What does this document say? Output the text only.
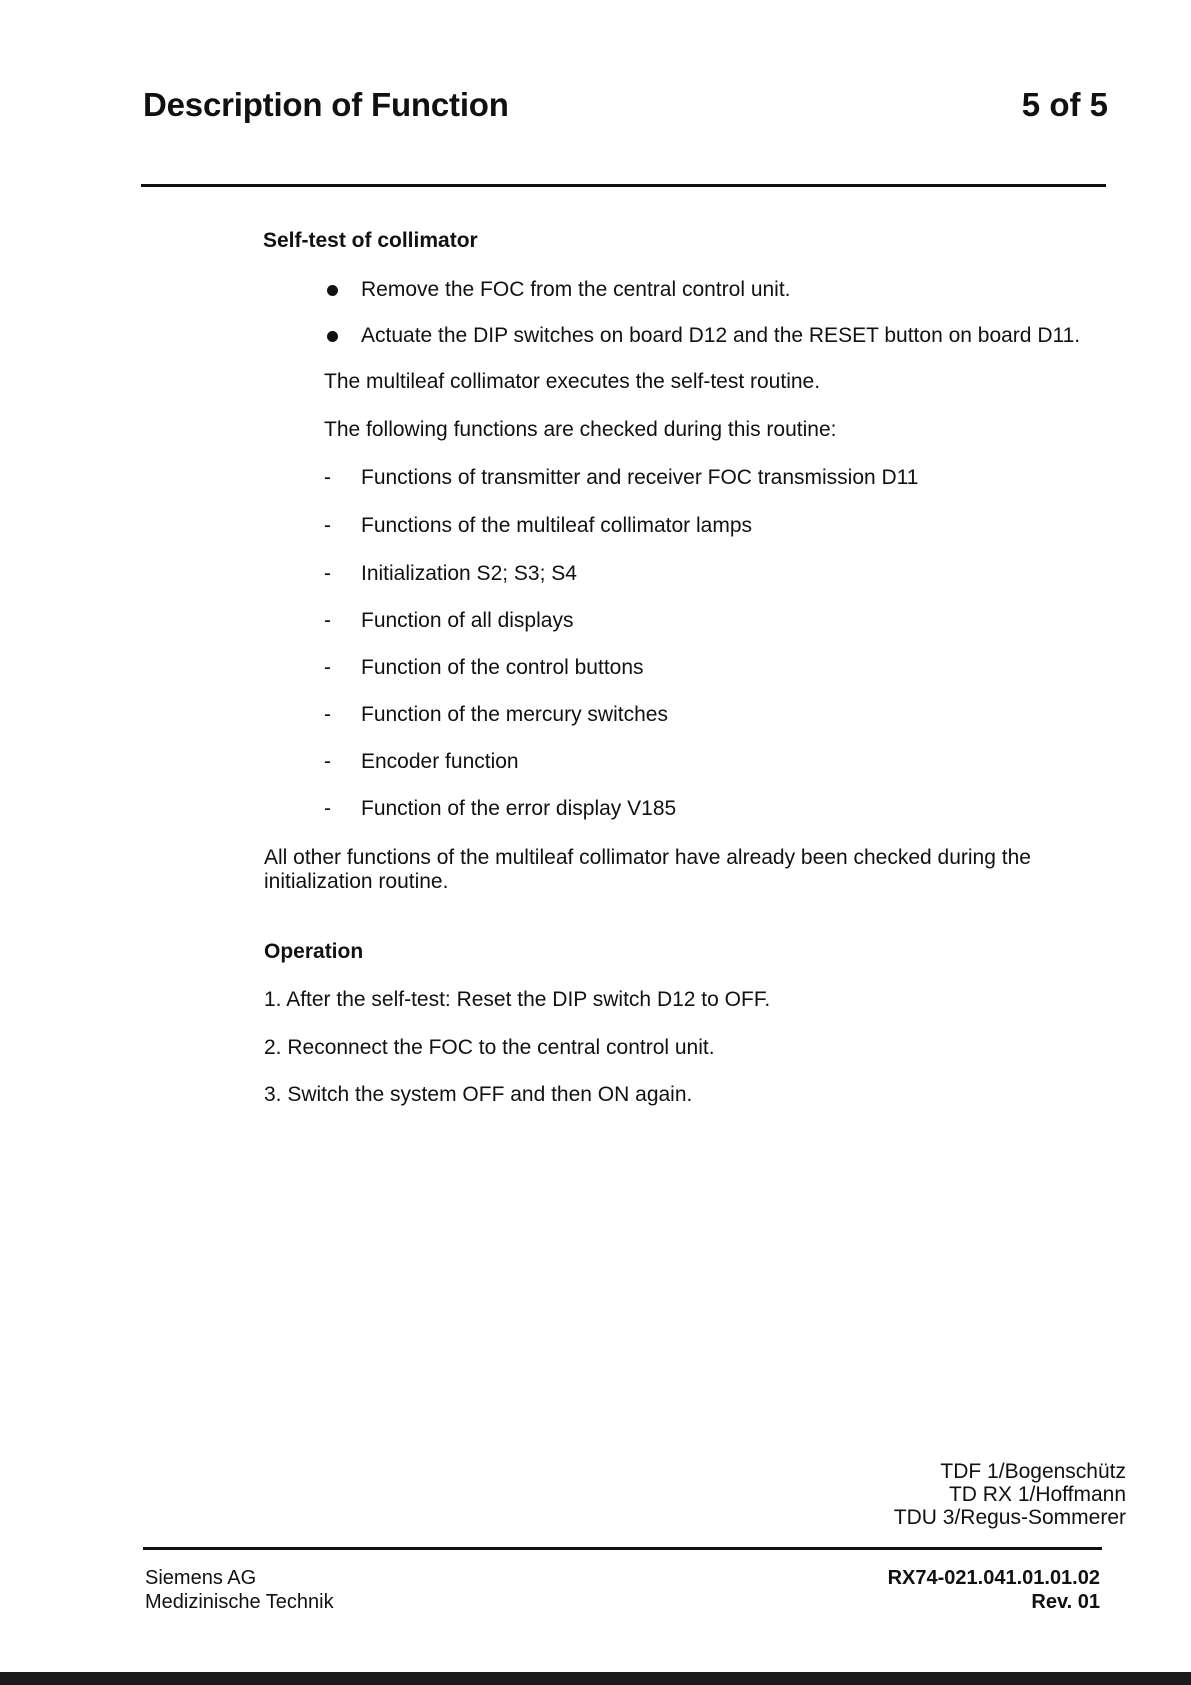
Description of Function	5 of 5
Self-test of collimator
Remove the FOC from the central control unit.
Actuate the DIP switches on board D12 and the RESET button on board D11.
The multileaf collimator executes the self-test routine.
The following functions are checked during this routine:
- Functions of transmitter and receiver FOC transmission D11
- Functions of the multileaf collimator lamps
- Initialization S2; S3; S4
- Function of all displays
- Function of the control buttons
- Function of the mercury switches
- Encoder function
- Function of the error display V185
All other functions of the multileaf collimator have already been checked during the initialization routine.
Operation
1. After the self-test: Reset the DIP switch D12 to OFF.
2. Reconnect the FOC to the central control unit.
3. Switch the system OFF and then ON again.
TDF 1/Bogenschütz
TD RX 1/Hoffmann
TDU 3/Regus-Sommerer
Siemens AG
Medizinische Technik
RX74-021.041.01.01.02
Rev. 01
